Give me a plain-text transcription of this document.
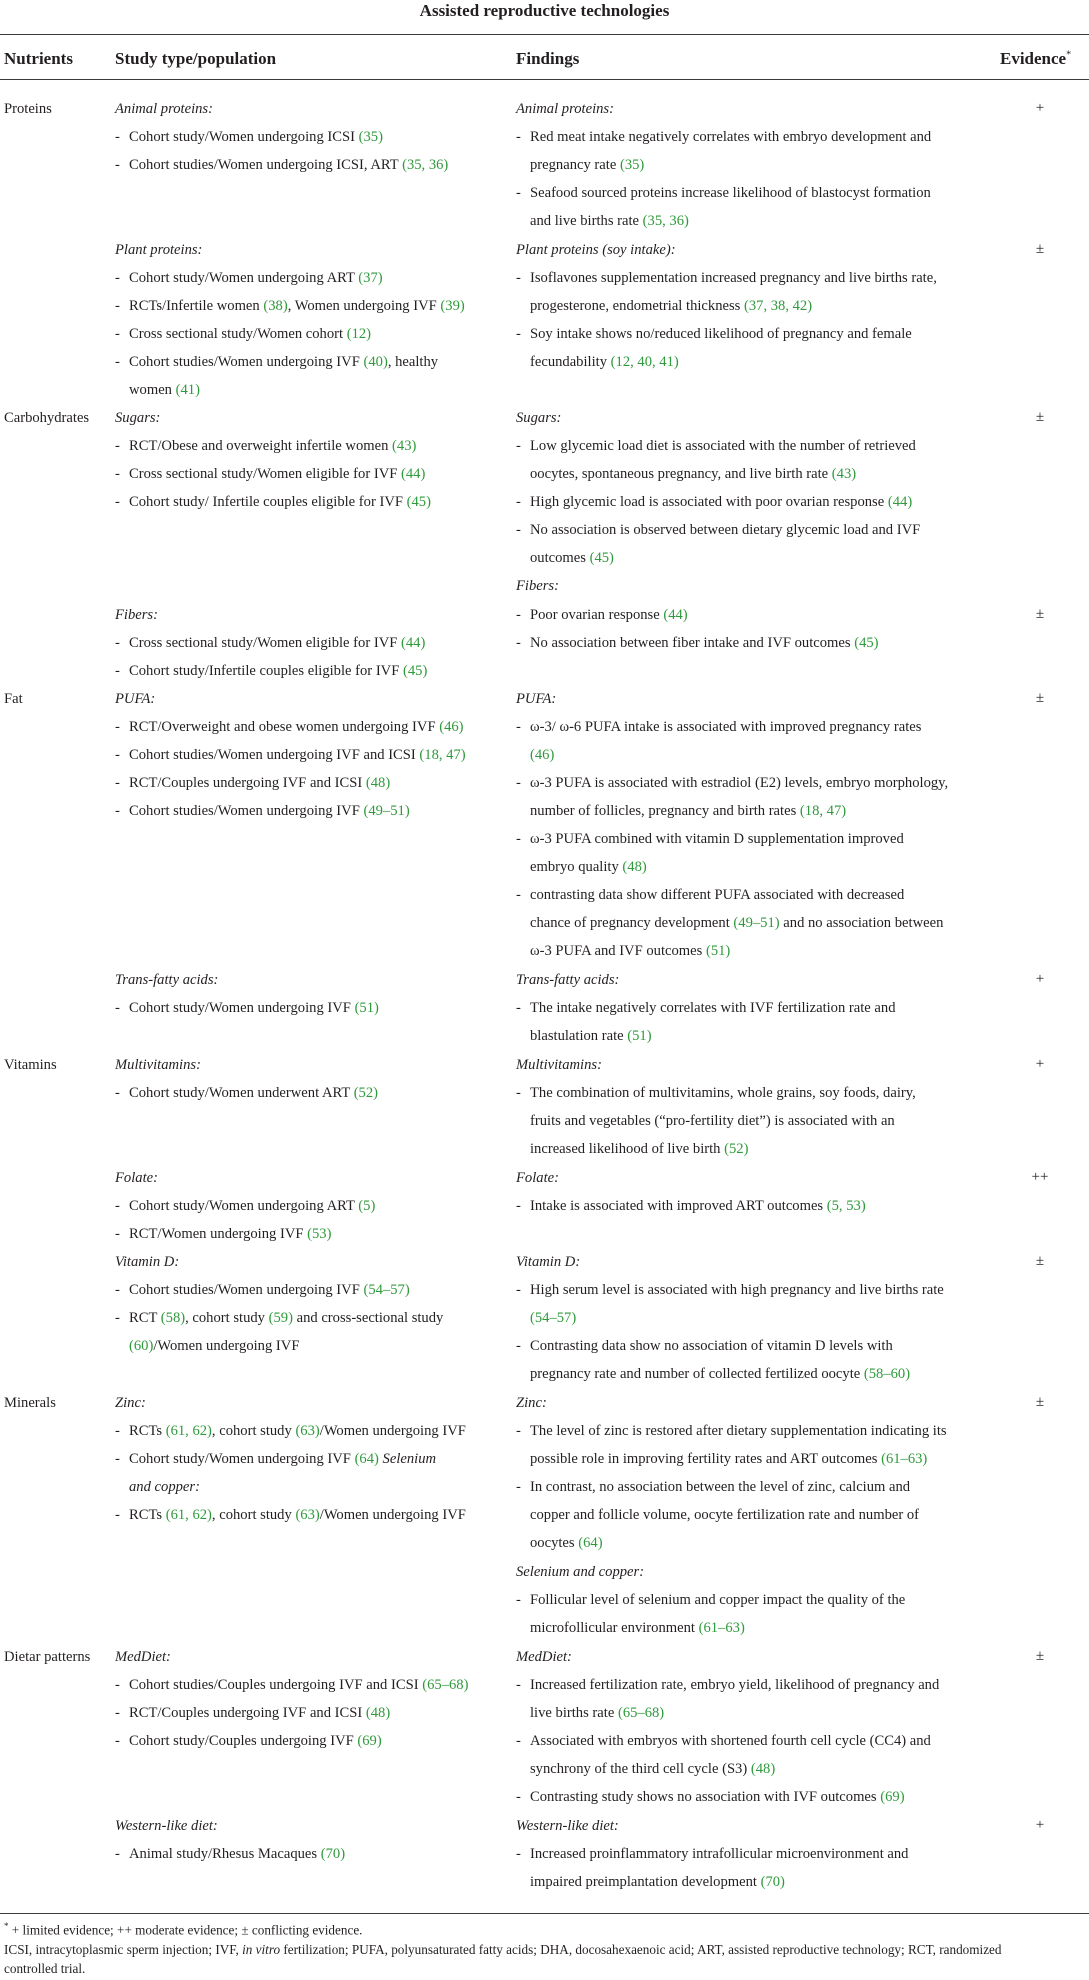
Assisted reproductive technologies
Nutrients Study type/population	Findings	Evidence*
Proteins
Carbohydrates
Fat
Vitamins
Minerals
Dietar patterns
Animal proteins:
- Cohort study/Women undergoing ICSI (35)
- Cohort studies/Women undergoing ICSI, ART (35, 36)
Plant proteins:
- Cohort study/Women undergoing ART (37)
- RCTs/Infertile women (38), Women undergoing IVF (39)
- Cross sectional study/Women cohort (12)
- Cohort studies/Women undergoing IVF (40), healthy
women (41)
Sugars:
- RCT/Obese and overweight infertile women (43)
- Cross sectional study/Women eligible for IVF (44)
- Cohort study/ Infertile couples eligible for IVF (45)
Fibers:
- Cross sectional study/Women eligible for IVF (44)
- Cohort study/Infertile couples eligible for IVF (45)
PUFA:
- RCT/Overweight and obese women undergoing IVF (46)
- Cohort studies/Women undergoing IVF and ICSI (18, 47)
- RCT/Couples undergoing IVF and ICSI (48)
- Cohort studies/Women undergoing IVF (49–51)
Trans-fatty acids:
- Cohort study/Women undergoing IVF (51)
Multivitamins:
- Cohort study/Women underwent ART (52)
Folate:
- Cohort study/Women undergoing ART (5)
- RCT/Women undergoing IVF (53)
Vitamin D:
- Cohort studies/Women undergoing IVF (54–57)
- RCT (58), cohort study (59) and cross-sectional study
(60)/Women undergoing IVF
Zinc:
- RCTs (61, 62), cohort study (63)/Women undergoing IVF
- Cohort study/Women undergoing IVF (64) Selenium
and copper:
- RCTs (61, 62), cohort study (63)/Women undergoing IVF
MedDiet:
- Cohort studies/Couples undergoing IVF and ICSI (65–68)
- RCT/Couples undergoing IVF and ICSI (48)
- Cohort study/Couples undergoing IVF (69)
Western-like diet:
- Animal study/Rhesus Macaques (70)
Animal proteins:
- Red meat intake negatively correlates with embryo development and
pregnancy rate (35)
- Seafood sourced proteins increase likelihood of blastocyst formation
and live births rate (35, 36)
Plant proteins (soy intake):
- Isoflavones supplementation increased pregnancy and live births rate,
progesterone, endometrial thickness (37, 38, 42)
- Soy intake shows no/reduced likelihood of pregnancy and female
fecundability (12, 40, 41)
Sugars:
- Low glycemic load diet is associated with the number of retrieved
oocytes, spontaneous pregnancy, and live birth rate (43)
- High glycemic load is associated with poor ovarian response (44)
- No association is observed between dietary glycemic load and IVF
outcomes (45)
Fibers:
- Poor ovarian response (44)
- No association between fiber intake and IVF outcomes (45)
PUFA:
- ω-3/ ω-6 PUFA intake is associated with improved pregnancy rates
(46)
- ω-3 PUFA is associated with estradiol (E2) levels, embryo morphology,
number of follicles, pregnancy and birth rates (18, 47)
- ω-3 PUFA combined with vitamin D supplementation improved
embryo quality (48)
- contrasting data show different PUFA associated with decreased
chance of pregnancy development (49–51) and no association between
ω-3 PUFA and IVF outcomes (51)
Trans-fatty acids:
- The intake negatively correlates with IVF fertilization rate and
blastulation rate (51)
Multivitamins:
- The combination of multivitamins, whole grains, soy foods, dairy,
fruits and vegetables (“pro-fertility diet”) is associated with an
increased likelihood of live birth (52)
Folate:
- Intake is associated with improved ART outcomes (5, 53)
Vitamin D:
- High serum level is associated with high pregnancy and live births rate
(54–57)
- Contrasting data show no association of vitamin D levels with
pregnancy rate and number of collected fertilized oocyte (58–60)
Zinc:
- The level of zinc is restored after dietary supplementation indicating its
possible role in improving fertility rates and ART outcomes (61–63)
- In contrast, no association between the level of zinc, calcium and
copper and follicle volume, oocyte fertilization rate and number of
oocytes (64)
Selenium and copper:
- Follicular level of selenium and copper impact the quality of the
microfollicular environment (61–63)
MedDiet:
- Increased fertilization rate, embryo yield, likelihood of pregnancy and
live births rate (65–68)
- Associated with embryos with shortened fourth cell cycle (CC4) and
synchrony of the third cell cycle (S3) (48)
- Contrasting study shows no association with IVF outcomes (69)
Western-like diet:
- Increased proinflammatory intrafollicular microenvironment and
impaired preimplantation development (70)
+
±
±
±
±
+
+
++
±
±
±
+
* + limited evidence; ++ moderate evidence; ± conflicting evidence.
ICSI, intracytoplasmic sperm injection; IVF, in vitro fertilization; PUFA, polyunsaturated fatty acids; DHA, docosahexaenoic acid; ART, assisted reproductive technology; RCT, randomized
controlled trial.
